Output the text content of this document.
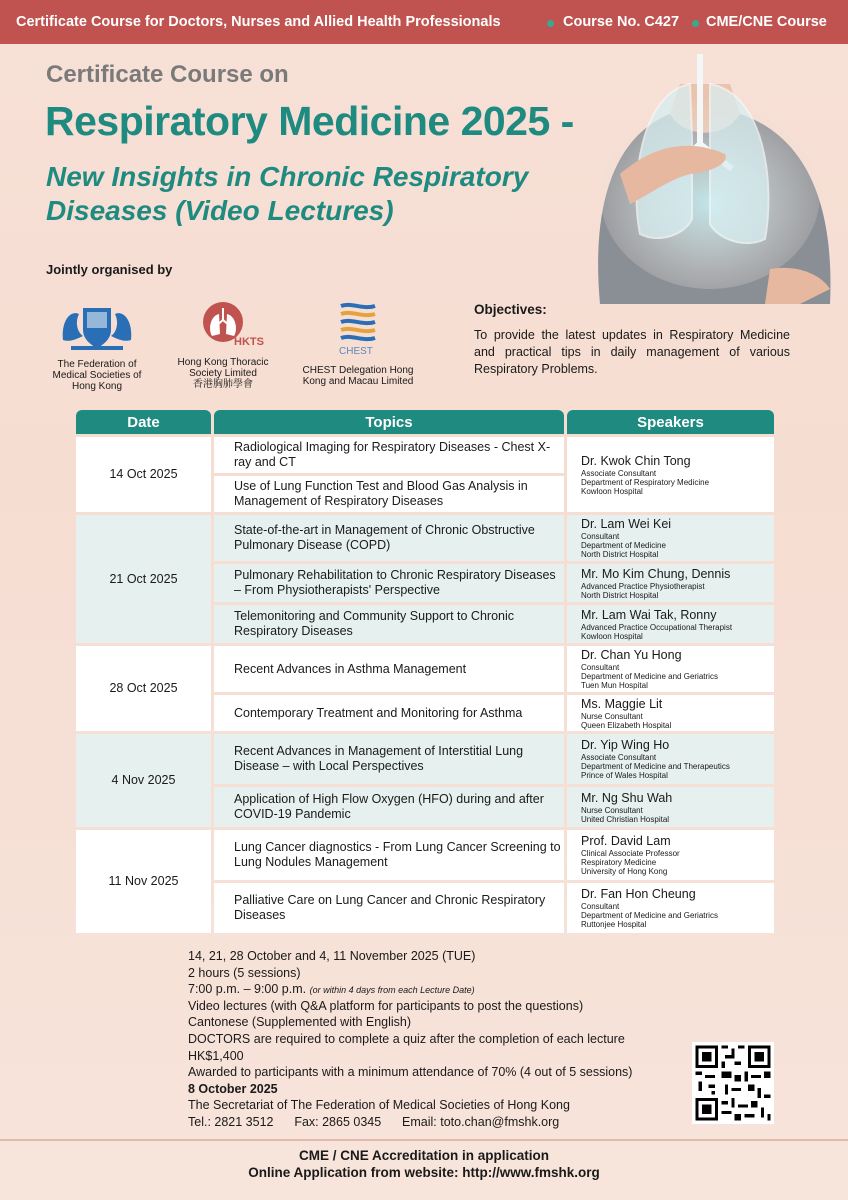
Certificate Course for Doctors, Nurses and Allied Health Professionals	Course No. C427 CME/CNE Course
Certificate Course on
Respiratory Medicine 2025 -
New Insights in Chronic Respiratory Diseases (Video Lectures)
Jointly organised by
The Federation of Medical Societies of Hong Kong
HKTS
Hong Kong Thoracic Society Limited
香港胸肺學會
CHEST
CHEST Delegation Hong Kong and Macau Limited
Objectives:
To provide the latest updates in Respiratory Medicine and practical tips in daily management of various Respiratory Problems.
Date	Topics	Speakers
14 Oct 2025	Radiological Imaging for Respiratory Diseases - Chest X-ray and CT	Dr. Kwok Chin Tong
Associate Consultant
Department of Respiratory Medicine
Kowloon Hospital

	Use of Lung Function Test and Blood Gas Analysis in Management of Respiratory Diseases	
21 Oct 2025	State-of-the-art in Management of Chronic Obstructive Pulmonary Disease (COPD)	Dr. Lam Wei Kei
Consultant
Department of Medicine
North District Hospital

	Pulmonary Rehabilitation to Chronic Respiratory Diseases – From Physiotherapists' Perspective	Mr. Mo Kim Chung, Dennis
Advanced Practice Physiotherapist
North District Hospital

	Telemonitoring and Community Support to Chronic Respiratory Diseases	Mr. Lam Wai Tak, Ronny
Advanced Practice Occupational Therapist
Kowloon Hospital

28 Oct 2025	Recent Advances in Asthma Management	Dr. Chan Yu Hong
Consultant
Department of Medicine and Geriatrics
Tuen Mun Hospital

	Contemporary Treatment and Monitoring for Asthma	Ms. Maggie Lit
Nurse Consultant
Queen Elizabeth Hospital

4 Nov 2025	Recent Advances in Management of Interstitial Lung Disease – with Local Perspectives	Dr. Yip Wing Ho
Associate Consultant
Department of Medicine and Therapeutics
Prince of Wales Hospital

	Application of High Flow Oxygen (HFO) during and after COVID-19 Pandemic	Mr. Ng Shu Wah
Nurse Consultant
United Christian Hospital

11 Nov 2025	Lung Cancer diagnostics - From Lung Cancer Screening to Lung Nodules Management	Prof. David Lam
Clinical Associate Professor
Respiratory Medicine
University of Hong Kong

	Palliative Care on Lung Cancer and Chronic Respiratory Diseases	Dr. Fan Hon Cheung
Consultant
Department of Medicine and Geriatrics
Ruttonjee Hospital
14, 21, 28 October and 4, 11 November 2025 (TUE)
2 hours (5 sessions)
7:00 p.m. – 9:00 p.m. (or within 4 days from each Lecture Date)
Video lectures (with Q&A platform for participants to post the questions)
Cantonese (Supplemented with English)
DOCTORS are required to complete a quiz after the completion of each lecture
HK$1,400
Awarded to participants with a minimum attendance of 70% (4 out of 5 sessions)
8 October 2025
The Secretariat of The Federation of Medical Societies of Hong Kong
Tel.: 2821 3512      Fax: 2865 0345      Email: toto.chan@fmshk.org
CME / CNE Accreditation in application
Online Application from website: http://www.fmshk.org
